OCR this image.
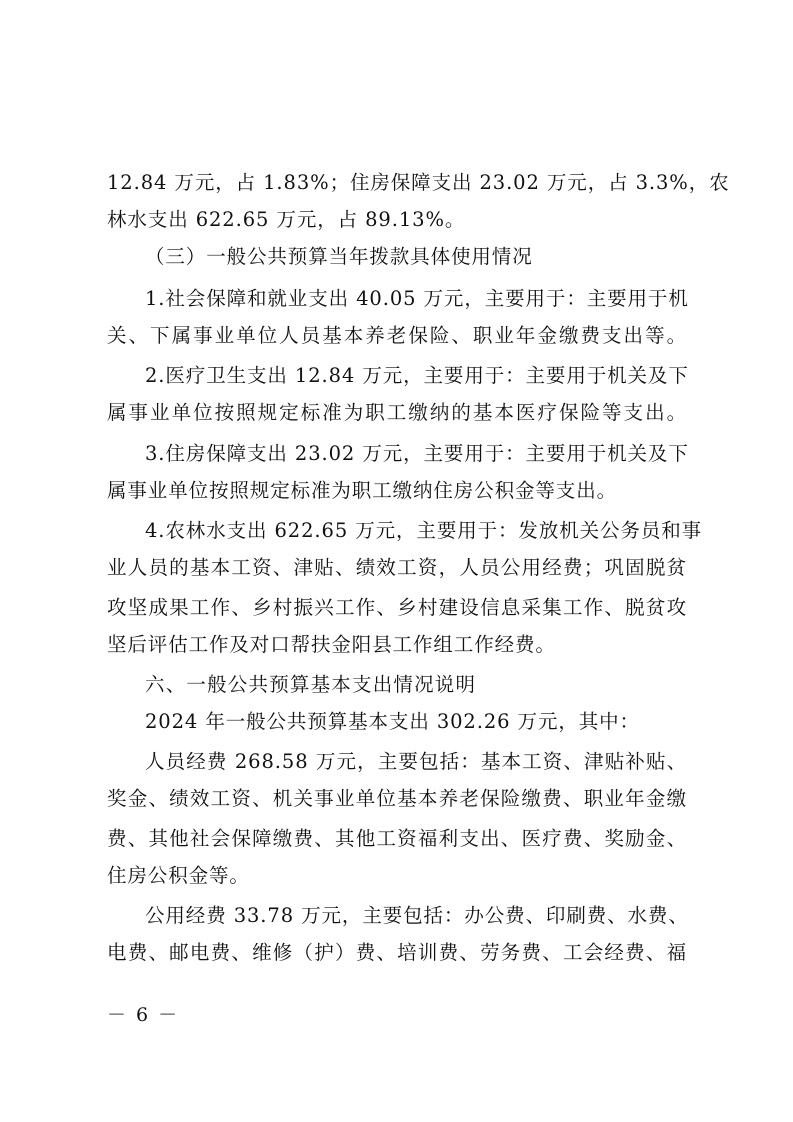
12.84 万元，占 1.83%；住房保障支出 23.02 万元，占 3.3%，农
林水支出 622.65 万元，占 89.13%。
（三）一般公共预算当年拨款具体使用情况
1.社会保障和就业支出 40.05 万元，主要用于：主要用于机
关、下属事业单位人员基本养老保险、职业年金缴费支出等。
2.医疗卫生支出 12.84 万元，主要用于：主要用于机关及下
属事业单位按照规定标准为职工缴纳的基本医疗保险等支出。
3.住房保障支出 23.02 万元，主要用于：主要用于机关及下
属事业单位按照规定标准为职工缴纳住房公积金等支出。
4.农林水支出 622.65 万元，主要用于：发放机关公务员和事
业人员的基本工资、津贴、绩效工资，人员公用经费；巩固脱贫
攻坚成果工作、乡村振兴工作、乡村建设信息采集工作、脱贫攻
坚后评估工作及对口帮扶金阳县工作组工作经费。
六、一般公共预算基本支出情况说明
2024 年一般公共预算基本支出 302.26 万元，其中：
人员经费 268.58 万元，主要包括：基本工资、津贴补贴、
奖金、绩效工资、机关事业单位基本养老保险缴费、职业年金缴
费、其他社会保障缴费、其他工资福利支出、医疗费、奖励金、
住房公积金等。
公用经费 33.78 万元，主要包括：办公费、印刷费、水费、
电费、邮电费、维修（护）费、培训费、劳务费、工会经费、福
－ 6 －
